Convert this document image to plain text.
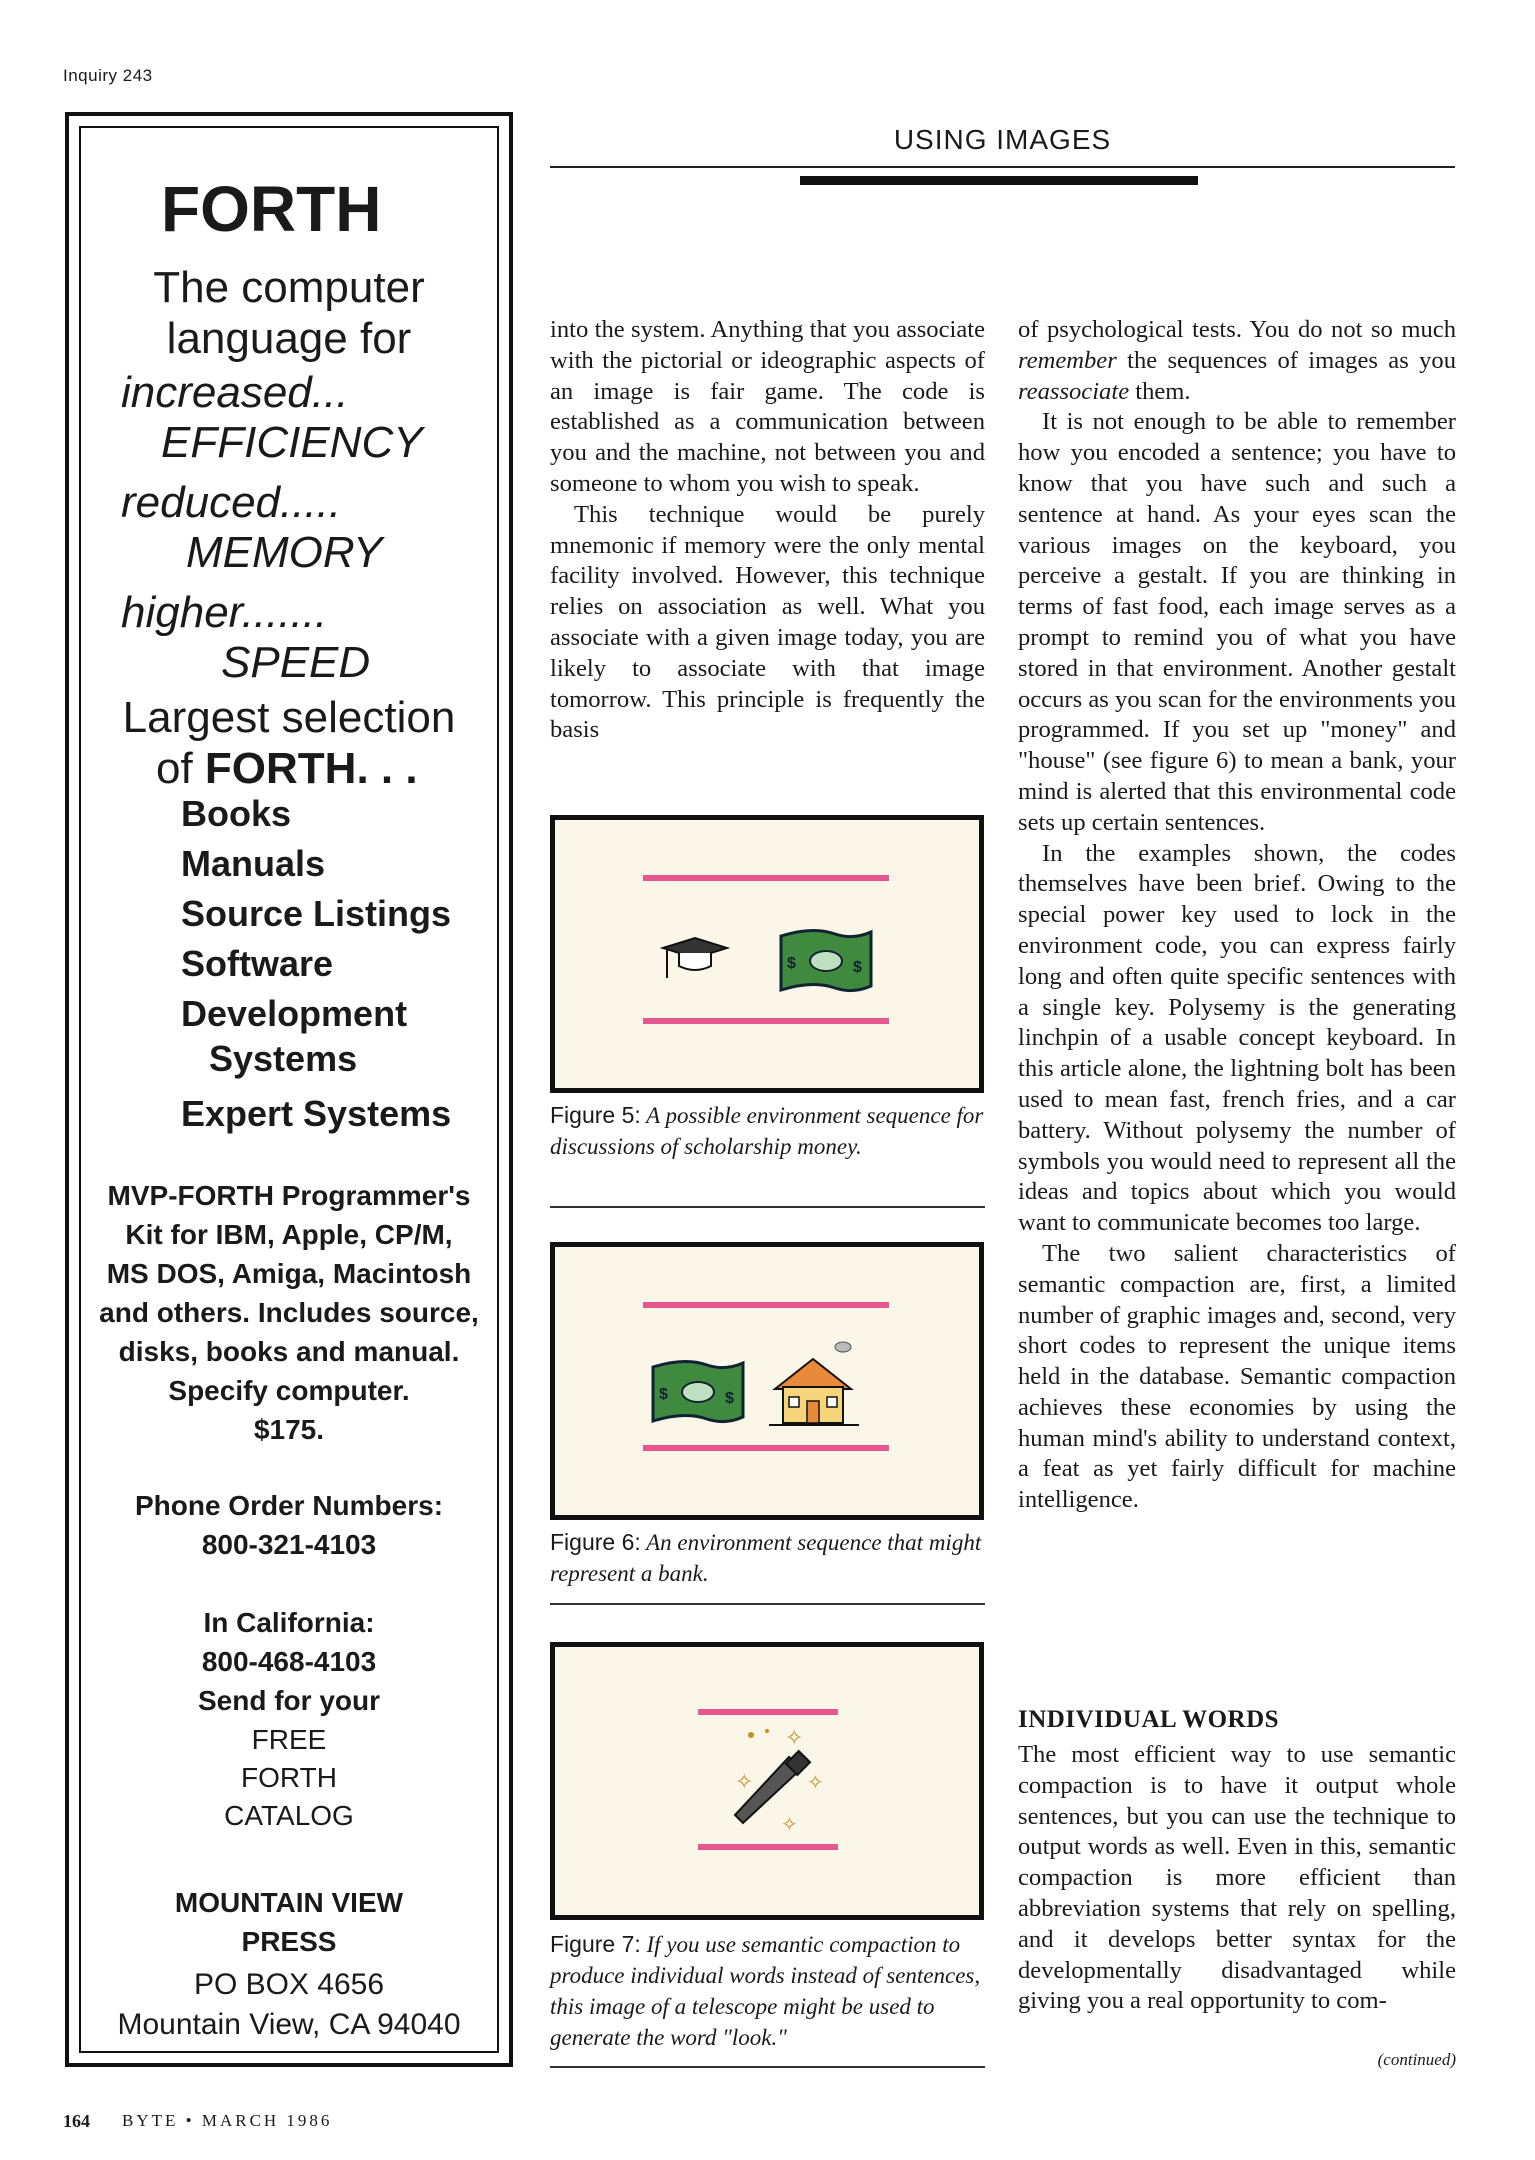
Inquiry 243
FORTH
The computer
language for
increased...
EFFICIENCY
reduced.....
MEMORY
higher.......
SPEED
Largest selection
of FORTH. . .
Books
Manuals
Source Listings
Software
Development
Systems
Expert Systems
MVP-FORTH Programmer's
Kit for IBM, Apple, CP/M,
MS DOS, Amiga, Macintosh
and others. Includes source,
disks, books and manual.
Specify computer.
$175.
Phone Order Numbers:
800-321-4103
In California:
800-468-4103
Send for your
FREE
FORTH
CATALOG
MOUNTAIN VIEW
PRESS
PO BOX 4656
Mountain View, CA 94040
USING IMAGES

into the system. Anything that you associate with the pictorial or ideographic aspects of an image is fair game. The code is established as a communication between you and the machine, not between you and someone to whom you wish to speak.

This technique would be purely mnemonic if memory were the only mental facility involved. However, this technique relies on association as well. What you associate with a given image today, you are likely to associate with that image tomorrow. This principle is frequently the basis

$	$
Figure 5: A possible environment sequence for discussions of scholarship money.
$	$
Figure 6: An environment sequence that might represent a bank.
✧
✧
✧
✧
Figure 7: If you use semantic compaction to produce individual words instead of sentences, this image of a telescope might be used to generate the word "look."

of psychological tests. You do not so much remember the sequences of images as you reassociate them.

It is not enough to be able to remember how you encoded a sentence; you have to know that you have such and such a sentence at hand. As your eyes scan the various images on the keyboard, you perceive a gestalt. If you are thinking in terms of fast food, each image serves as a prompt to remind you of what you have stored in that environment. Another gestalt occurs as you scan for the environments you programmed. If you set up "money" and "house" (see figure 6) to mean a bank, your mind is alerted that this environmental code sets up certain sentences.

In the examples shown, the codes themselves have been brief. Owing to the special power key used to lock in the environment code, you can express fairly long and often quite specific sentences with a single key. Polysemy is the generating linchpin of a usable concept keyboard. In this article alone, the lightning bolt has been used to mean fast, french fries, and a car battery. Without polysemy the number of symbols you would need to represent all the ideas and topics about which you would want to communicate becomes too large.

The two salient characteristics of semantic compaction are, first, a limited number of graphic images and, second, very short codes to represent the unique items held in the database. Semantic compaction achieves these economies by using the human mind's ability to understand context, a feat as yet fairly difficult for machine intelligence.

INDIVIDUAL WORDS

The most efficient way to use semantic compaction is to have it output whole sentences, but you can use the technique to output words as well. Even in this, semantic compaction is more efficient than abbreviation systems that rely on spelling, and it develops better syntax for the developmentally disadvantaged while giving you a real opportunity to com-

(continued)
164 BYTE • MARCH 1986
